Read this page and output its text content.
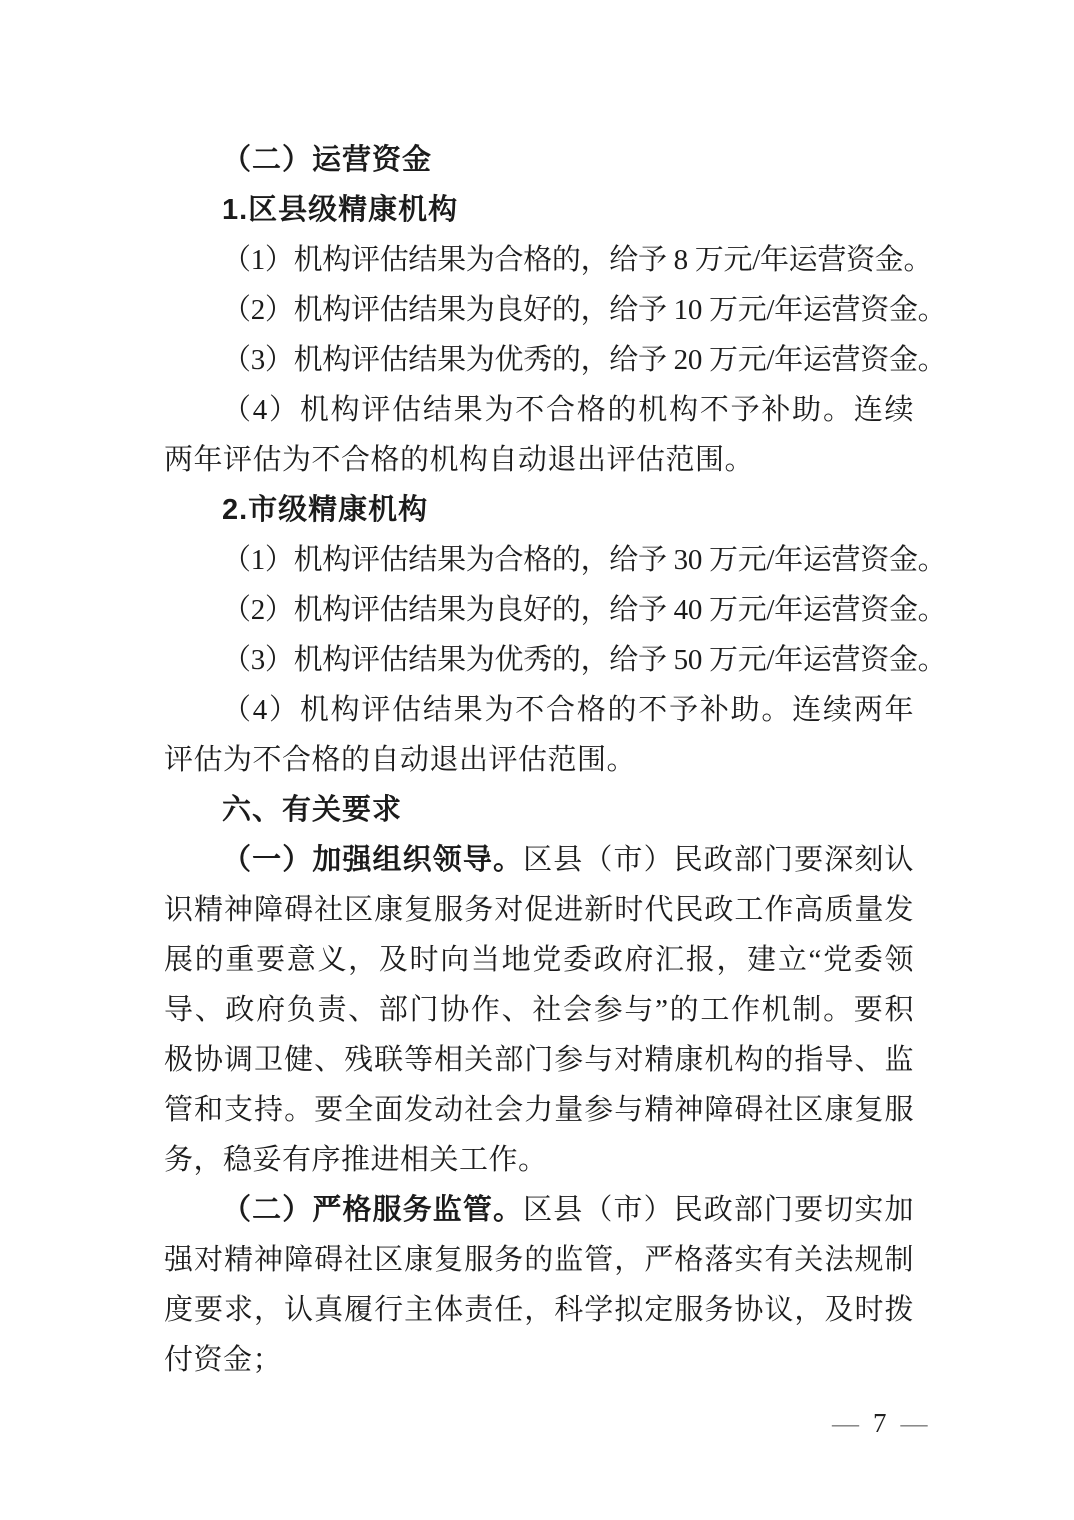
（二）运营资金

1.区县级精康机构

（1）机构评估结果为合格的，给予 8 万元/年运营资金。

（2）机构评估结果为良好的，给予 10 万元/年运营资金。

（3）机构评估结果为优秀的，给予 20 万元/年运营资金。

（4）机构评估结果为不合格的机构不予补助。连续两年评估为不合格的机构自动退出评估范围。

2.市级精康机构

（1）机构评估结果为合格的，给予 30 万元/年运营资金。

（2）机构评估结果为良好的，给予 40 万元/年运营资金。

（3）机构评估结果为优秀的，给予 50 万元/年运营资金。

（4）机构评估结果为不合格的不予补助。连续两年评估为不合格的自动退出评估范围。

六、有关要求

（一）加强组织领导。区县（市）民政部门要深刻认识精神障碍社区康复服务对促进新时代民政工作高质量发展的重要意义，及时向当地党委政府汇报，建立“党委领导、政府负责、部门协作、社会参与”的工作机制。要积极协调卫健、残联等相关部门参与对精康机构的指导、监管和支持。要全面发动社会力量参与精神障碍社区康复服务，稳妥有序推进相关工作。

（二）严格服务监管。区县（市）民政部门要切实加强对精神障碍社区康复服务的监管，严格落实有关法规制度要求，认真履行主体责任，科学拟定服务协议，及时拨付资金；

— 7 —
